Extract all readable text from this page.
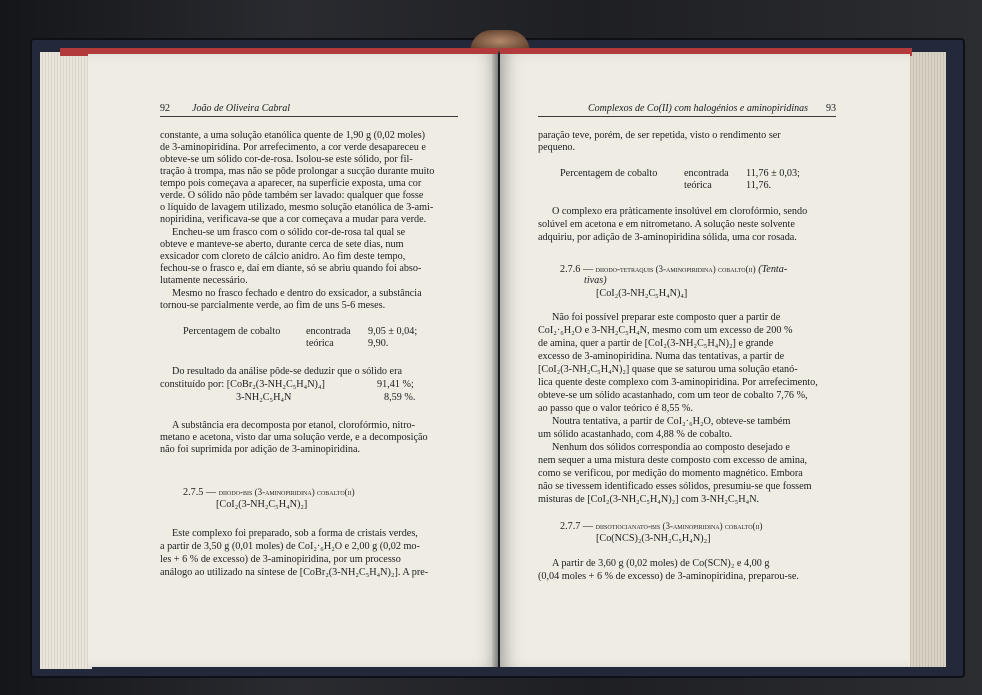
92	João de Oliveira Cabral
constante, a uma solução etanólica quente de 1,90 g (0,02 moles)
de 3-aminopiridina. Por arrefecimento, a cor verde desapareceu e
obteve-se um sólido cor-de-rosa. Isolou-se este sólido, por fil-
tração à trompa, mas não se pôde prolongar a sucção durante muito
tempo pois começava a aparecer, na superfície exposta, uma cor
verde. O sólido não pôde também ser lavado: qualquer que fosse
o líquido de lavagem utilizado, mesmo solução etanólica de 3-ami-
nopiridina, verificava-se que a cor começava a mudar para verde.
Encheu-se um frasco com o sólido cor-de-rosa tal qual se
obteve e manteve-se aberto, durante cerca de sete dias, num
exsicador com cloreto de cálcio anidro. Ao fim deste tempo,
fechou-se o frasco e, daí em diante, só se abriu quando foi abso-
lutamente necessário.
Mesmo no frasco fechado e dentro do exsicador, a substância
tornou-se parcialmente verde, ao fim de uns 5-6 meses.
Percentagem de cobalto	encontrada 9,05 ± 0,04;
teórica	9,90.
Do resultado da análise pôde-se deduzir que o sólido era
constituído por: [CoBr₂(3-NH₂C₅H₄N)₄]	91,41 %;
3-NH₂C₅H₄N	8,59 %.
A substância era decomposta por etanol, clorofórmio, nitro-
metano e acetona, visto dar uma solução verde, e a decomposição
não foi suprimida por adição de 3-aminopiridina.
2.7.5 — diiodo-bis (3-aminopiridina) cobalto(ii)
[CoI₂(3-NH₂C₅H₄N)₂]
Este complexo foi preparado, sob a forma de cristais verdes,
a partir de 3,50 g (0,01 moles) de CoI₂·₆H₂O e 2,00 g (0,02 mo-
les + 6 % de excesso) de 3-aminopiridina, por um processo
análogo ao utilizado na síntese de [CoBr₂(3-NH₂C₅H₄N)₂]. A pre-
Complexos de Co(II) com halogénios e aminopiridinas	93
paração teve, porém, de ser repetida, visto o rendimento ser
pequeno.
Percentagem de cobalto	encontrada 11,76 ± 0,03;
teórica	11,76.
O complexo era pràticamente insolúvel em clorofórmio, sendo
solúvel em acetona e em nitrometano. A solução neste solvente
adquiriu, por adição de 3-aminopiridina sólida, uma cor rosada.
2.7.6 — diiodo-tetraquis (3-aminopiridina) cobalto(ii) (Tenta-
tivas)
[CoI₂(3-NH₂C₅H₄N)₄]
Não foi possível preparar este composto quer a partir de
CoI₂·₆H₂O e 3-NH₂C₅H₄N, mesmo com um excesso de 200 %
de amina, quer a partir de [CoI₂(3-NH₂C₅H₄N)₂] e grande
excesso de 3-aminopiridina. Numa das tentativas, a partir de
[CoI₂(3-NH₂C₅H₄N)₂] quase que se saturou uma solução etanó-
lica quente deste complexo com 3-aminopiridina. Por arrefecimento,
obteve-se um sólido acastanhado, com um teor de cobalto 7,76 %,
ao passo que o valor teórico é 8,55 %.
Noutra tentativa, a partir de CoI₂·₆H₂O, obteve-se também
um sólido acastanhado, com 4,88 % de cobalto.
Nenhum dos sólidos correspondia ao composto desejado e
nem sequer a uma mistura deste composto com excesso de amina,
como se verificou, por medição do momento magnético. Embora
não se tivessem identificado esses sólidos, presumiu-se que fossem
misturas de [CoI₂(3-NH₂C₅H₄N)₂] com 3-NH₂C₅H₄N.
2.7.7 — diisotiocianato-bis (3-aminopiridina) cobalto(ii)
[Co(NCS)₂(3-NH₂C₅H₄N)₂]
A partir de 3,60 g (0,02 moles) de Co(SCN)₂ e 4,00 g
(0,04 moles + 6 % de excesso) de 3-aminopiridina, preparou-se.
